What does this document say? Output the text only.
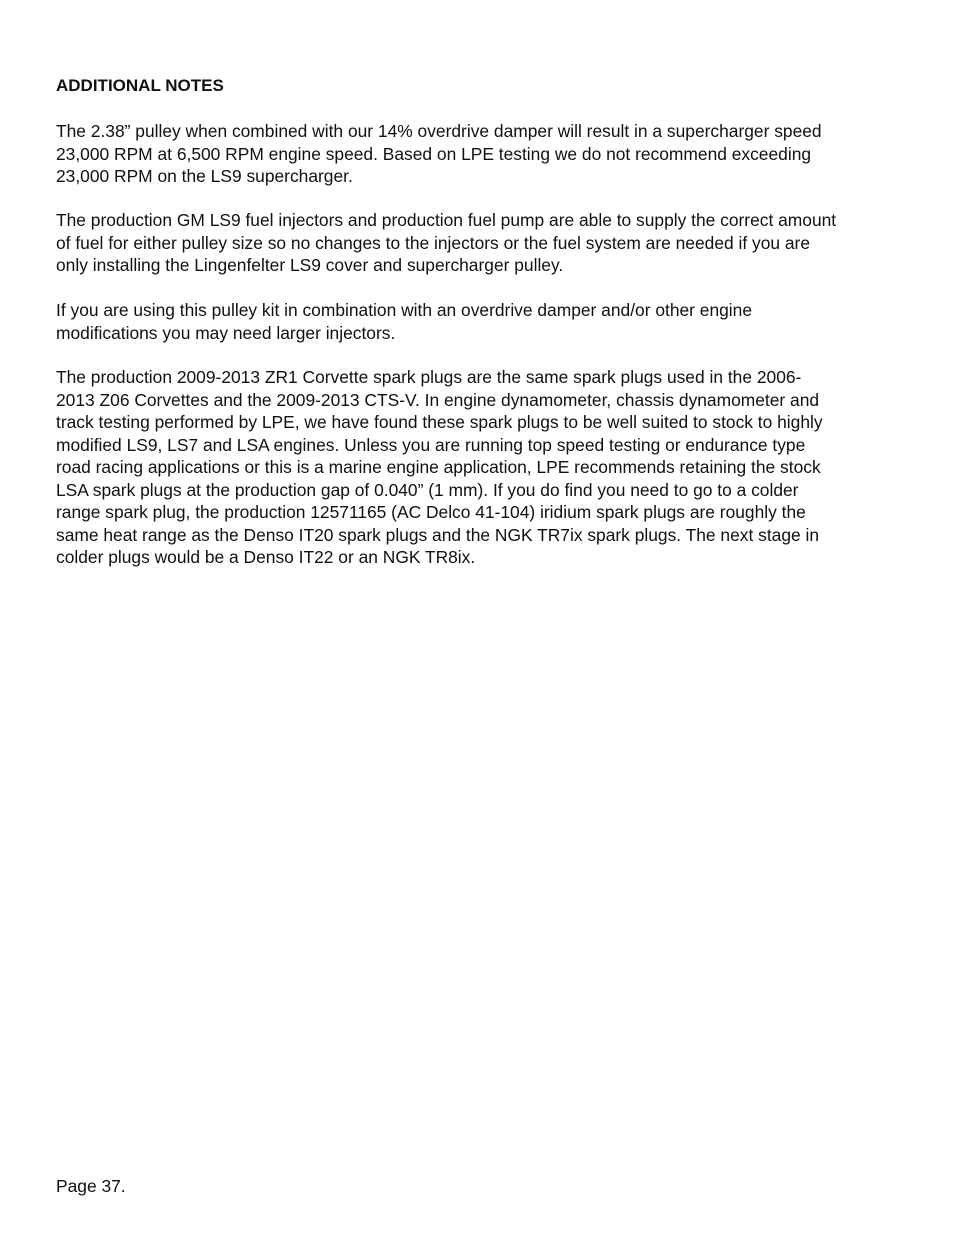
ADDITIONAL NOTES

The 2.38” pulley when combined with our 14% overdrive damper will result in a supercharger speed
23,000 RPM at 6,500 RPM engine speed. Based on LPE testing we do not recommend exceeding
23,000 RPM on the LS9 supercharger.

The production GM LS9 fuel injectors and production fuel pump are able to supply the correct amount
of fuel for either pulley size so no changes to the injectors or the fuel system are needed if you are
only installing the Lingenfelter LS9 cover and supercharger pulley.

If you are using this pulley kit in combination with an overdrive damper and/or other engine
modifications you may need larger injectors.

The production 2009-2013 ZR1 Corvette spark plugs are the same spark plugs used in the 2006-
2013 Z06 Corvettes and the 2009-2013 CTS-V. In engine dynamometer, chassis dynamometer and
track testing performed by LPE, we have found these spark plugs to be well suited to stock to highly
modified LS9, LS7 and LSA engines. Unless you are running top speed testing or endurance type
road racing applications or this is a marine engine application, LPE recommends retaining the stock
LSA spark plugs at the production gap of 0.040” (1 mm). If you do find you need to go to a colder
range spark plug, the production 12571165 (AC Delco 41-104) iridium spark plugs are roughly the
same heat range as the Denso IT20 spark plugs and the NGK TR7ix spark plugs. The next stage in
colder plugs would be a Denso IT22 or an NGK TR8ix.

Page 37.
